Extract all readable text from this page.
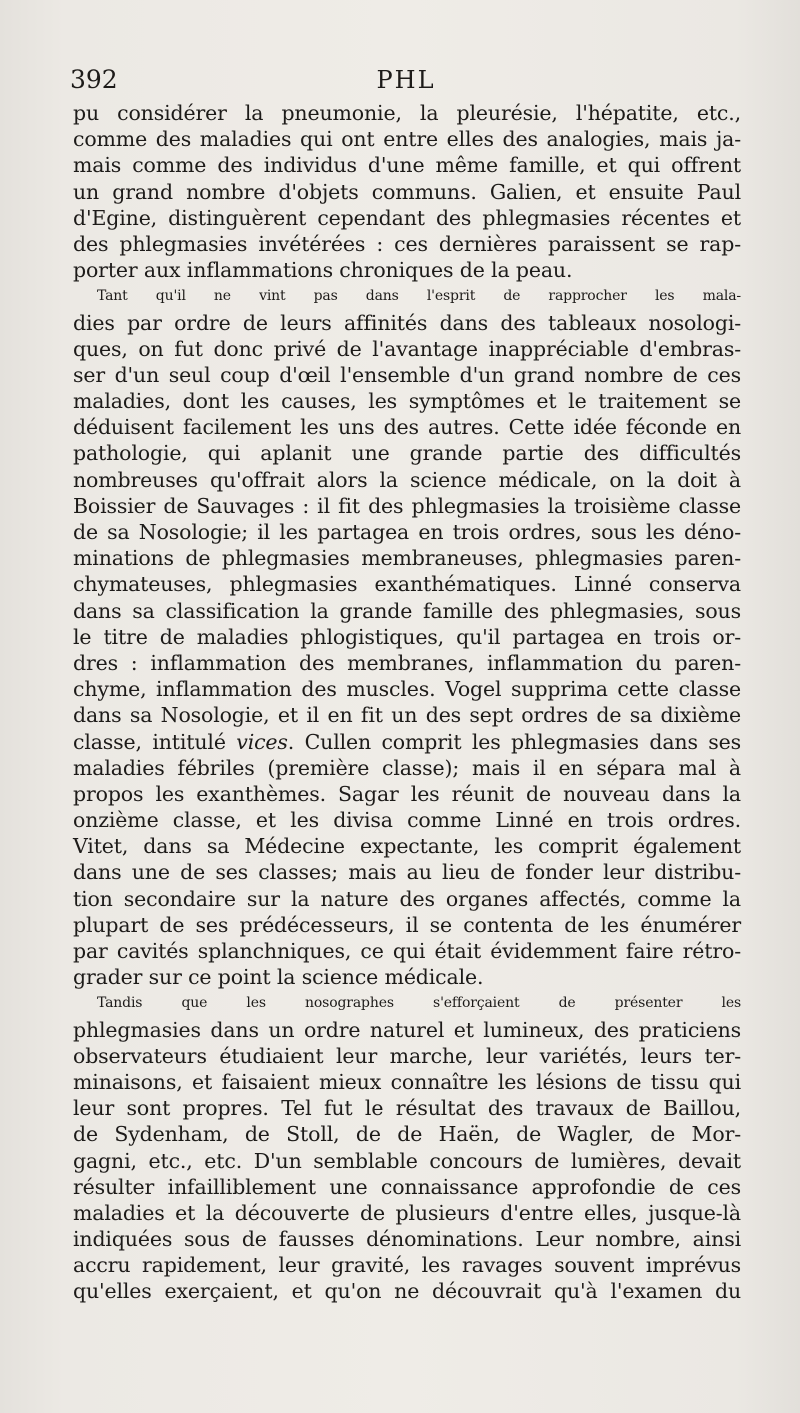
392	PHL
pu considérer la pneumonie, la pleurésie, l'hépatite, etc.,
comme des maladies qui ont entre elles des analogies, mais ja-
mais comme des individus d'une même famille, et qui offrent
un grand nombre d'objets communs. Galien, et ensuite Paul
d'Egine, distinguèrent cependant des phlegmasies récentes et
des phlegmasies invétérées : ces dernières paraissent se rap-
porter aux inflammations chroniques de la peau.
Tant qu'il ne vint pas dans l'esprit de rapprocher les mala-
dies par ordre de leurs affinités dans des tableaux nosologi-
ques, on fut donc privé de l'avantage inappréciable d'embras-
ser d'un seul coup d'œil l'ensemble d'un grand nombre de ces
maladies, dont les causes, les symptômes et le traitement se
déduisent facilement les uns des autres. Cette idée féconde en
pathologie, qui aplanit une grande partie des difficultés
nombreuses qu'offrait alors la science médicale, on la doit à
Boissier de Sauvages : il fit des phlegmasies la troisième classe
de sa Nosologie; il les partagea en trois ordres, sous les déno-
minations de phlegmasies membraneuses, phlegmasies paren-
chymateuses, phlegmasies exanthématiques. Linné conserva
dans sa classification la grande famille des phlegmasies, sous
le titre de maladies phlogistiques, qu'il partagea en trois or-
dres : inflammation des membranes, inflammation du paren-
chyme, inflammation des muscles. Vogel supprima cette classe
dans sa Nosologie, et il en fit un des sept ordres de sa dixième
classe, intitulé vices. Cullen comprit les phlegmasies dans ses
maladies fébriles (première classe); mais il en sépara mal à
propos les exanthèmes. Sagar les réunit de nouveau dans la
onzième classe, et les divisa comme Linné en trois ordres.
Vitet, dans sa Médecine expectante, les comprit également
dans une de ses classes; mais au lieu de fonder leur distribu-
tion secondaire sur la nature des organes affectés, comme la
plupart de ses prédécesseurs, il se contenta de les énumérer
par cavités splanchniques, ce qui était évidemment faire rétro-
grader sur ce point la science médicale.
Tandis que les nosographes s'efforçaient de présenter les
phlegmasies dans un ordre naturel et lumineux, des praticiens
observateurs étudiaient leur marche, leur variétés, leurs ter-
minaisons, et faisaient mieux connaître les lésions de tissu qui
leur sont propres. Tel fut le résultat des travaux de Baillou,
de Sydenham, de Stoll, de de Haën, de Wagler, de Mor-
gagni, etc., etc. D'un semblable concours de lumières, devait
résulter infailliblement une connaissance approfondie de ces
maladies et la découverte de plusieurs d'entre elles, jusque-là
indiquées sous de fausses dénominations. Leur nombre, ainsi
accru rapidement, leur gravité, les ravages souvent imprévus
qu'elles exerçaient, et qu'on ne découvrait qu'à l'examen du
